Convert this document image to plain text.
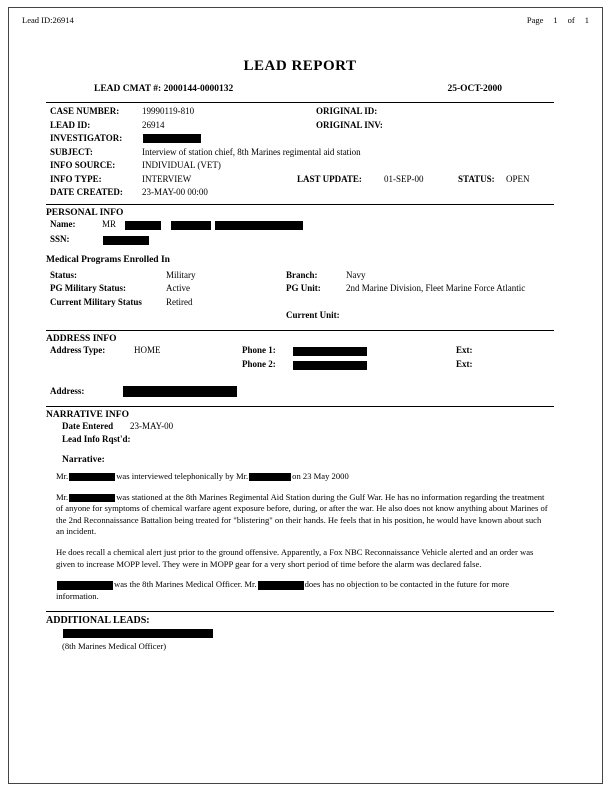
Lead ID:26914	Page 1 of 1
LEAD REPORT
LEAD CMAT #: 2000144-0000132	25-OCT-2000
CASE NUMBER:	19990119-810	ORIGINAL ID:
LEAD ID:	26914	ORIGINAL INV:
INVESTIGATOR:
SUBJECT:	Interview of station chief, 8th Marines regimental aid station
INFO SOURCE:	INDIVIDUAL (VET)
INFO TYPE:	INTERVIEW	LAST UPDATE: 01-SEP-00	STATUS: OPEN
DATE CREATED: 23-MAY-00 00:00
PERSONAL INFO
Name:	MR
SSN:
Medical Programs Enrolled In
Status:	Military	Branch:	Navy
PG Military Status:	Active	PG Unit:	2nd Marine Division, Fleet Marine Force Atlantic
Current Military Status	Retired
Current Unit:
ADDRESS INFO
Address Type:	HOME	Phone 1:	Ext:
Phone 2:	Ext:
Address:
NARRATIVE INFO
Date Entered 23-MAY-00
Lead Info Rqst'd:
Narrative:

Mr.	was interviewed telephonically by Mr.	on 23 May 2000

Mr.	was stationed at the 8th Marines Regimental Aid Station during the Gulf War. He has no information regarding the treatment of anyone for symptoms of chemical warfare agent exposure before, during, or after the war. He also does not know anything about Marines of the 2nd Reconnaissance Battalion being treated for "blistering" on their hands. He feels that in his position, he would have known about such an incident.

He does recall a chemical alert just prior to the ground offensive. Apparently, a Fox NBC Reconnaissance Vehicle alerted and an order was given to increase MOPP level. They were in MOPP gear for a very short period of time before the alarm was declared false.

was the 8th Marines Medical Officer. Mr.	does has no objection to be contacted in the future for more information.

ADDITIONAL LEADS:
(8th Marines Medical Officer)
